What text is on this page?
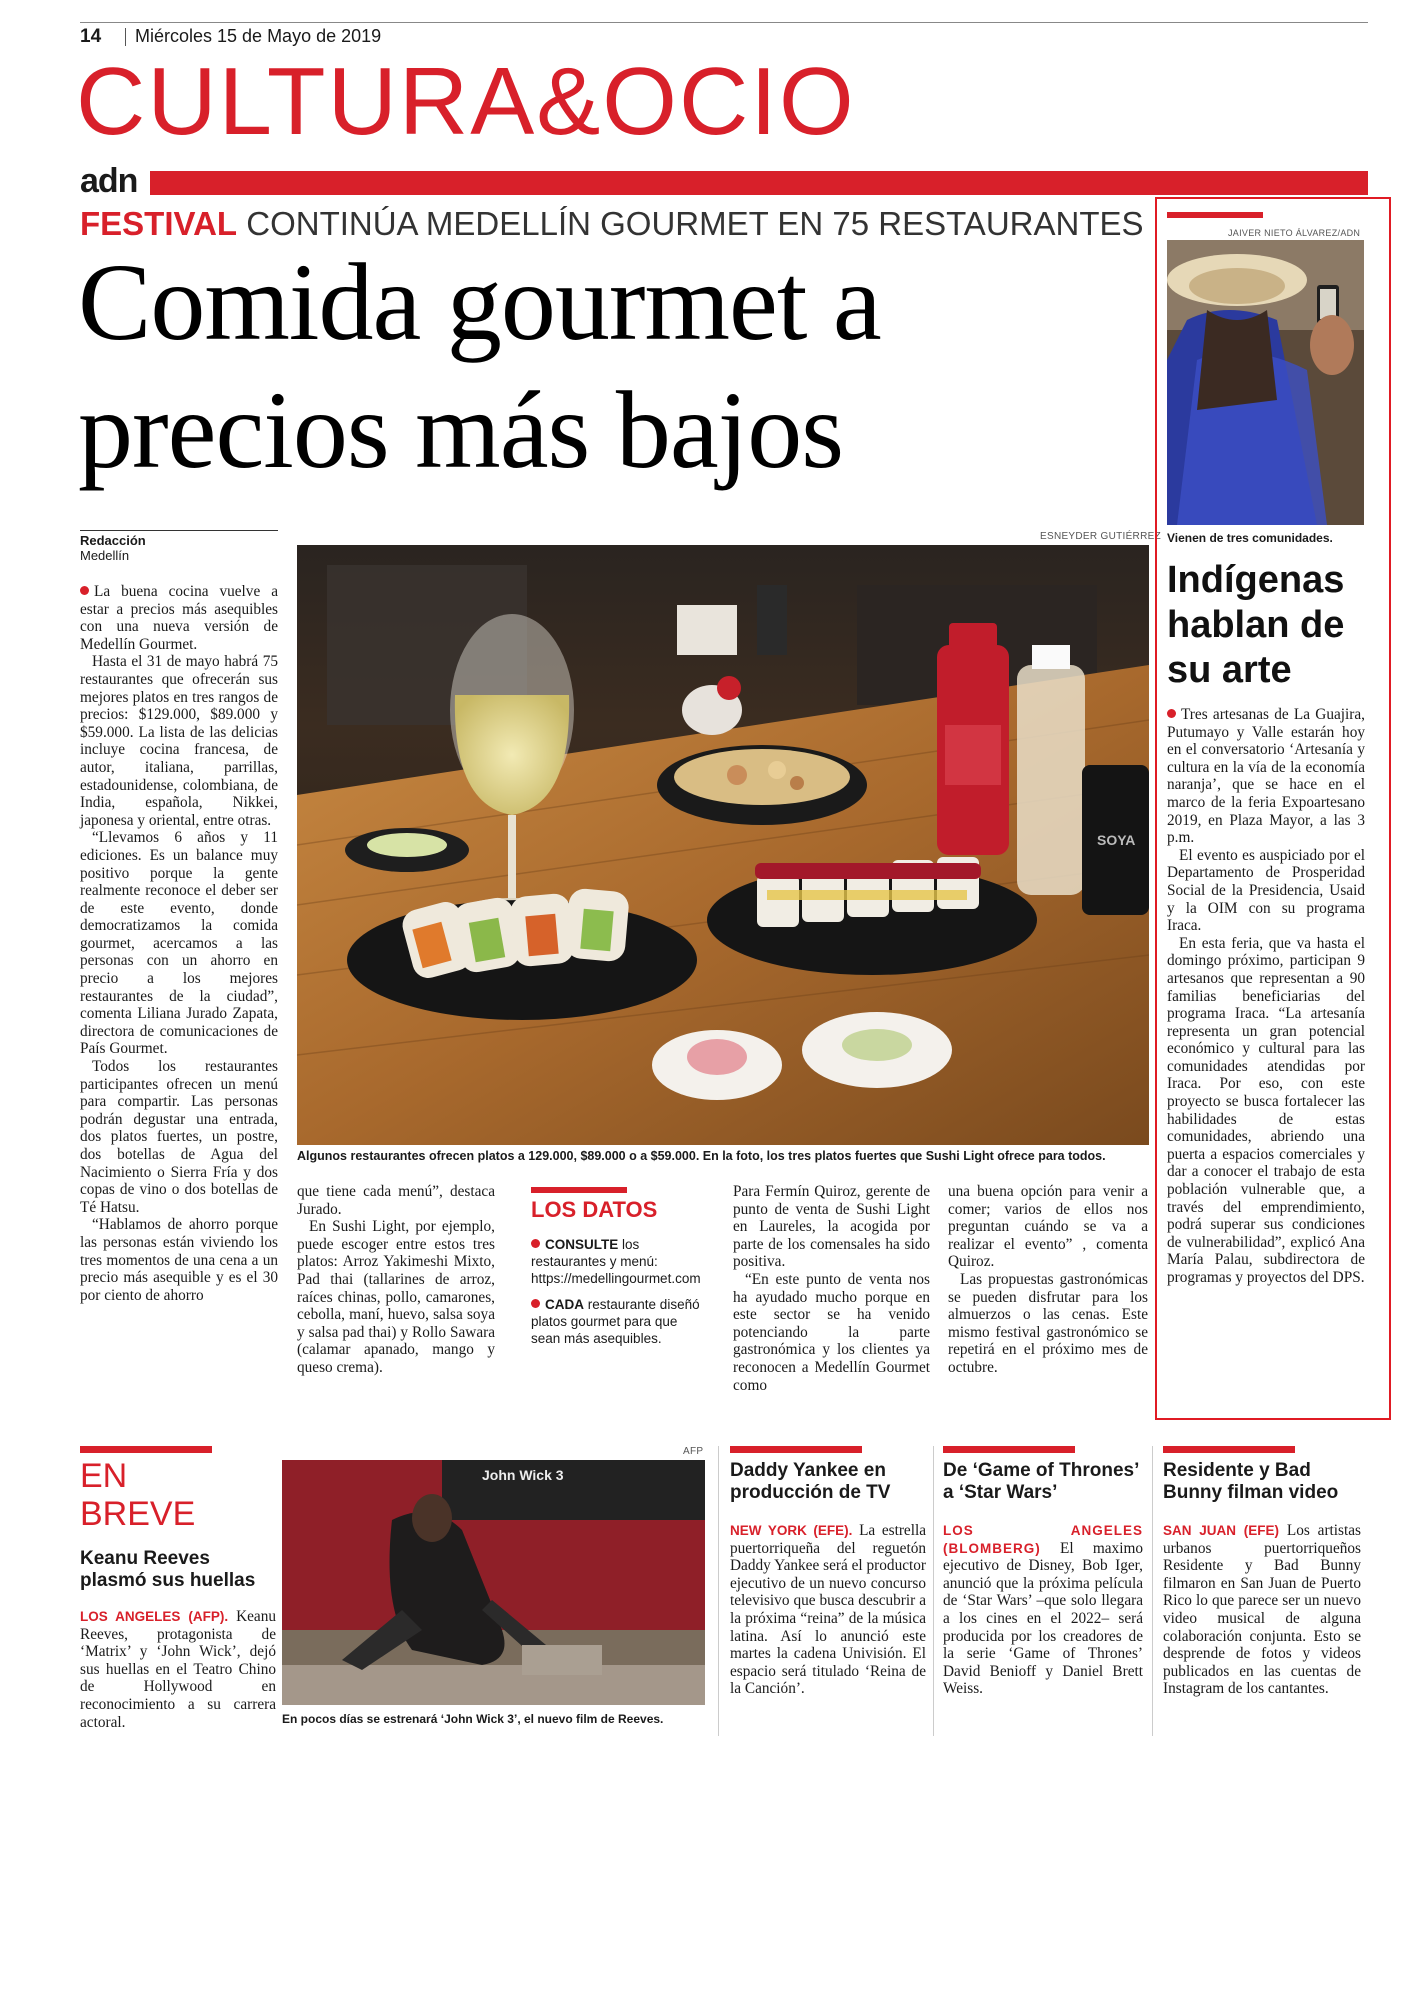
14 Miércoles 15 de Mayo de 2019
CULTURA&OCIO
adn
FESTIVAL CONTINÚA MEDELLÍN GOURMET EN 75 RESTAURANTES
Comida gourmet a
precios más bajos
Redacción
Medellín

La buena cocina vuelve a estar a precios más asequibles con una nueva versión de Medellín Gourmet.

Hasta el 31 de mayo habrá 75 restaurantes que ofrecerán sus mejores platos en tres rangos de precios: $129.000, $89.000 y $59.000. La lista de las delicias incluye cocina francesa, de autor, italiana, parrillas, estadounidense, colombiana, de India, española, Nikkei, japonesa y oriental, entre otras.

“Llevamos 6 años y 11 ediciones. Es un balance muy positivo porque la gente realmente reconoce el deber ser de este evento, donde democratizamos la comida gourmet, acercamos a las personas con un ahorro en precio a los mejores restaurantes de la ciudad”, comenta Liliana Jurado Zapata, directora de comunicaciones de País Gourmet.

Todos los restaurantes participantes ofrecen un menú para compartir. Las personas podrán degustar una entrada, dos platos fuertes, un postre, dos botellas de Agua del Nacimiento o Sierra Fría y dos copas de vino o dos botellas de Té Hatsu.

“Hablamos de ahorro porque las personas están viviendo los tres momentos de una cena a un precio más asequible y es el 30 por ciento de ahorro

ESNEYDER GUTIÉRREZ
SOYA
Algunos restaurantes ofrecen platos a 129.000, $89.000 o a $59.000. En la foto, los tres platos fuertes que Sushi Light ofrece para todos.

que tiene cada menú”, destaca Jurado.

En Sushi Light, por ejemplo, puede escoger entre estos tres platos: Arroz Yakimeshi Mixto, Pad thai (tallarines de arroz, raíces chinas, pollo, camarones, cebolla, maní, huevo, salsa soya y salsa pad thai) y Rollo Sawara (calamar apanado, mango y queso crema).

LOS DATOS
CONSULTE los restaurantes y menú: https://medellingourmet.com
CADA restaurante diseñó platos gourmet para que sean más asequibles.

Para Fermín Quiroz, gerente de punto de venta de Sushi Light en Laureles, la acogida por parte de los comensales ha sido positiva.

“En este punto de venta nos ha ayudado mucho porque en este sector se ha venido potenciando la parte gastronómica y los clientes ya reconocen a Medellín Gourmet como

una buena opción para venir a comer; varios de ellos nos preguntan cuándo se va a realizar el evento” , comenta Quiroz.

Las propuestas gastronómicas se pueden disfrutar para los almuerzos o las cenas. Este mismo festival gastronómico se repetirá en el próximo mes de octubre.

JAIVER NIETO ÁLVAREZ/ADN
Vienen de tres comunidades.
Indígenas hablan de su arte

Tres artesanas de La Guajira, Putumayo y Valle estarán hoy en el conversatorio ‘Artesanía y cultura en la vía de la economía naranja’, que se hace en el marco de la feria Expoartesano 2019, en Plaza Mayor, a las 3 p.m.

El evento es auspiciado por el Departamento de Prosperidad Social de la Presidencia, Usaid y la OIM con su programa Iraca.

En esta feria, que va hasta el domingo próximo, participan 9 artesanos que representan a 90 familias beneficiarias del programa Iraca. “La artesanía representa un gran potencial económico y cultural para las comunidades atendidas por Iraca. Por eso, con este proyecto se busca fortalecer las habilidades de estas comunidades, abriendo una puerta a espacios comerciales y dar a conocer el trabajo de esta población vulnerable que, a través del emprendimiento, podrá superar sus condiciones de vulnerabilidad”, explicó Ana María Palau, subdirectora de programas y proyectos del DPS.

EN BREVE
Keanu Reeves plasmó sus huellas
LOS ANGELES (AFP). Keanu Reeves, protagonista de ‘Matrix’ y ‘John Wick’, dejó sus huellas en el Teatro Chino de Hollywood en reconocimiento a su carrera actoral.
AFP
John Wick 3
En pocos días se estrenará ‘John Wick 3’, el nuevo film de Reeves.
Daddy Yankee en producción de TV
NEW YORK (EFE). La estrella puertorriqueña del reguetón Daddy Yankee será el productor ejecutivo de un nuevo concurso televisivo que busca descubrir a la próxima “reina” de la música latina. Así lo anunció este martes la cadena Univisión. El espacio será titulado ‘Reina de la Canción’.
De ‘Game of Thrones’ a ‘Star Wars’
LOS ANGELES (BLOMBERG) El maximo ejecutivo de Disney, Bob Iger, anunció que la próxima película de ‘Star Wars’ –que solo llegara a los cines en el 2022– será producida por los creadores de la serie ‘Game of Thrones’ David Benioff y Daniel Brett Weiss.
Residente y Bad Bunny filman video
SAN JUAN (EFE) Los artistas urbanos puertorriqueños Residente y Bad Bunny filmaron en San Juan de Puerto Rico lo que parece ser un nuevo video musical de alguna colaboración conjunta. Esto se desprende de fotos y videos publicados en las cuentas de Instagram de los cantantes.
